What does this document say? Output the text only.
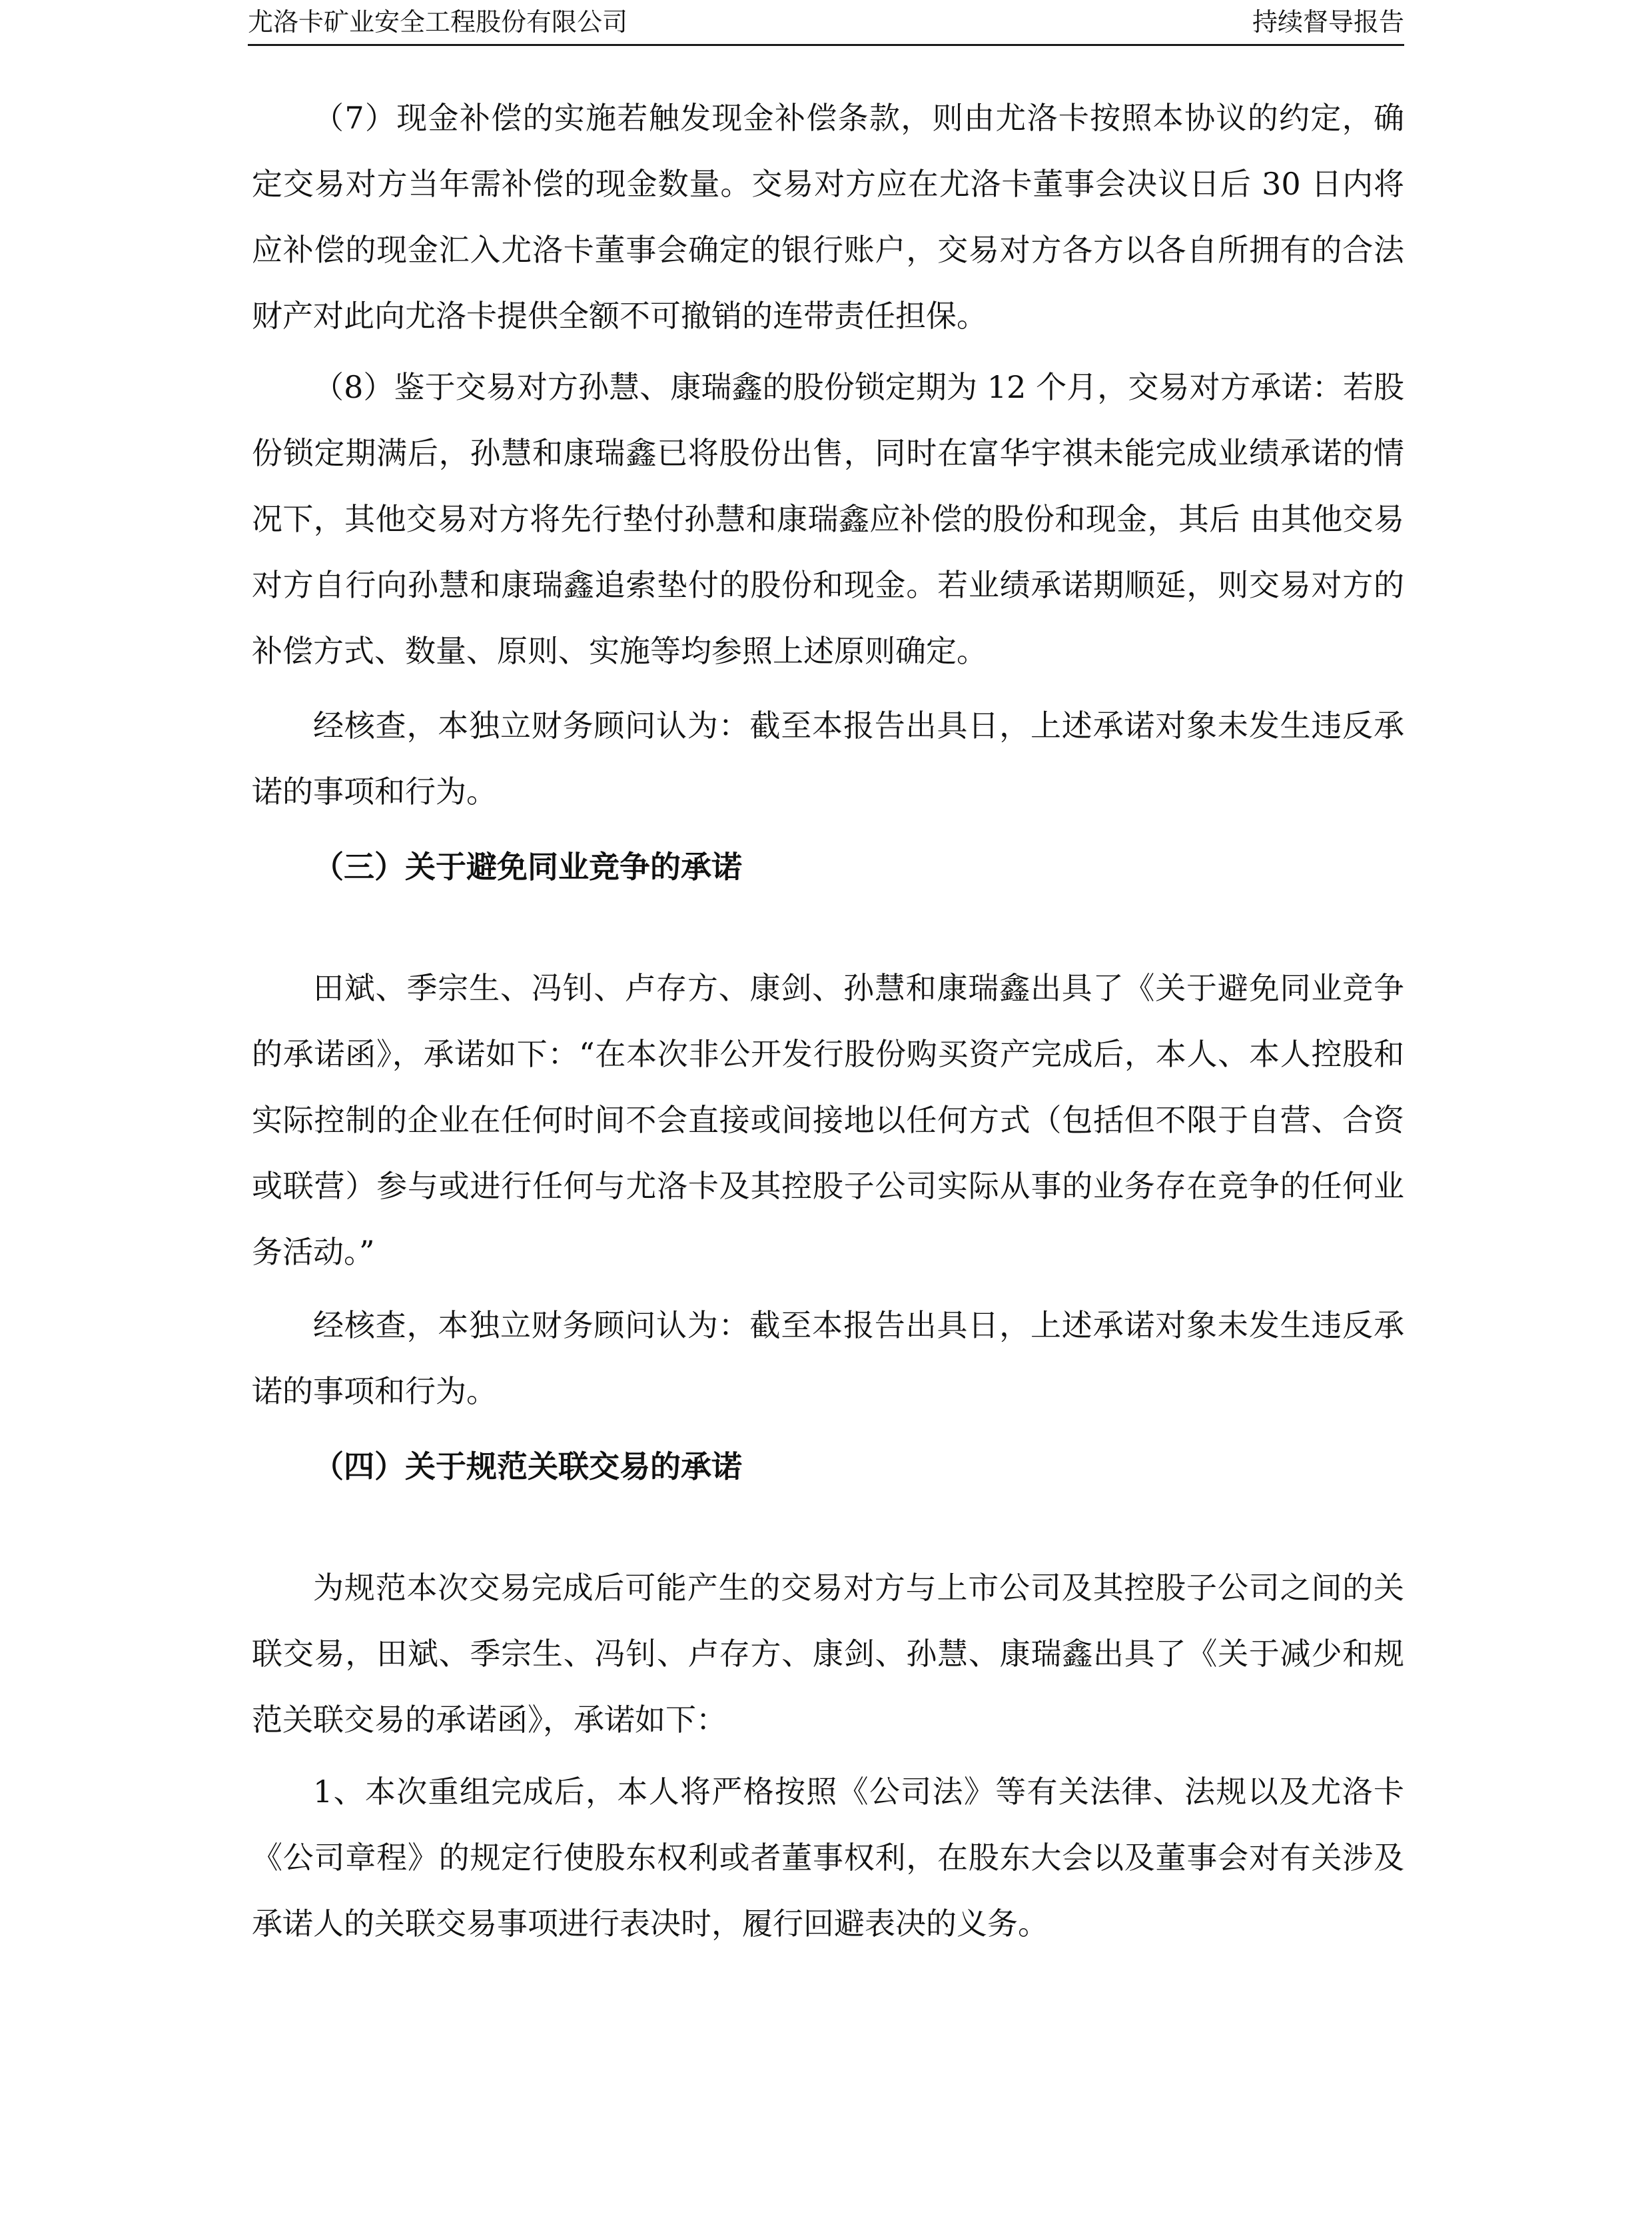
尤洛卡矿业安全工程股份有限公司	持续督导报告

（7）现金补偿的实施若触发现金补偿条款，则由尤洛卡按照本协议的约定，确定交易对方当年需补偿的现金数量。交易对方应在尤洛卡董事会决议日后 30 日内将应补偿的现金汇入尤洛卡董事会确定的银行账户，交易对方各方以各自所拥有的合法财产对此向尤洛卡提供全额不可撤销的连带责任担保。

（8）鉴于交易对方孙慧、康瑞鑫的股份锁定期为 12 个月，交易对方承诺：若股份锁定期满后，孙慧和康瑞鑫已将股份出售，同时在富华宇祺未能完成业绩承诺的情况下，其他交易对方将先行垫付孙慧和康瑞鑫应补偿的股份和现金，其后 由其他交易对方自行向孙慧和康瑞鑫追索垫付的股份和现金。若业绩承诺期顺延，则交易对方的补偿方式、数量、原则、实施等均参照上述原则确定。

经核查，本独立财务顾问认为：截至本报告出具日，上述承诺对象未发生违反承诺的事项和行为。

（三）关于避免同业竞争的承诺

田斌、季宗生、冯钊、卢存方、康剑、孙慧和康瑞鑫出具了《关于避免同业竞争的承诺函》，承诺如下：“在本次非公开发行股份购买资产完成后，本人、本人控股和实际控制的企业在任何时间不会直接或间接地以任何方式（包括但不限于自营、合资或联营）参与或进行任何与尤洛卡及其控股子公司实际从事的业务存在竞争的任何业务活动。”

经核查，本独立财务顾问认为：截至本报告出具日，上述承诺对象未发生违反承诺的事项和行为。

（四）关于规范关联交易的承诺

为规范本次交易完成后可能产生的交易对方与上市公司及其控股子公司之间的关联交易，田斌、季宗生、冯钊、卢存方、康剑、孙慧、康瑞鑫出具了《关于减少和规范关联交易的承诺函》，承诺如下：

1、本次重组完成后，本人将严格按照《公司法》等有关法律、法规以及尤洛卡《公司章程》的规定行使股东权利或者董事权利，在股东大会以及董事会对有关涉及承诺人的关联交易事项进行表决时，履行回避表决的义务。
